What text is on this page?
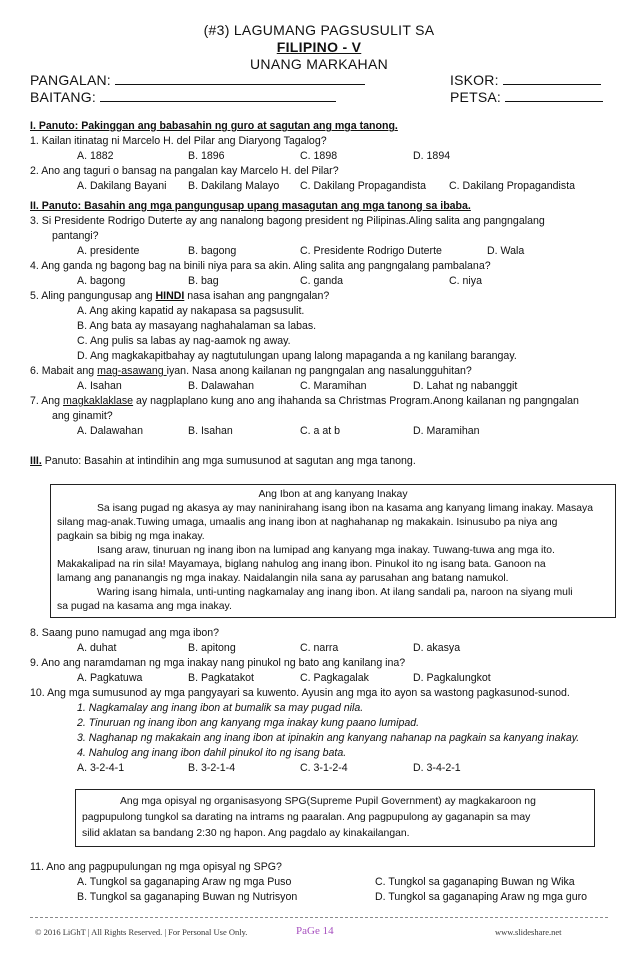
(#3) LAGUMANG PAGSUSULIT SA
FILIPINO - V
UNANG MARKAHAN
PANGALAN:	ISKOR:
BAITANG:	PETSA:
I. Panuto: Pakinggan ang babasahin ng guro at sagutan ang mga tanong.
1. Kailan itinatag ni Marcelo H. del Pilar ang Diaryong Tagalog?
A. 1882	B. 1896	C. 1898	D. 1894
2. Ano ang taguri o bansag na pangalan kay Marcelo H. del Pilar?
A. Dakilang Bayani B. Dakilang Malayo C. Dakilang Propagandista C. Dakilang Propagandista
II. Panuto: Basahin ang mga pangungusap upang masagutan ang mga tanong sa ibaba.
3. Si Presidente Rodrigo Duterte ay ang nanalong bagong president ng Pilipinas.Aling salita ang pangngalang
pantangi?
A. presidente	B. bagong	C. Presidente Rodrigo Duterte	D. Wala
4. Ang ganda ng bagong bag na binili niya para sa akin. Aling salita ang pangngalang pambalana?
A. bagong	B. bag	C. ganda	C. niya
5. Aling pangungusap ang HINDI nasa isahan ang pangngalan?
A. Ang aking kapatid ay nakapasa sa pagsusulit.
B. Ang bata ay masayang naghahalaman sa labas.
C. Ang pulis sa labas ay nag-aamok ng away.
D. Ang magkakapitbahay ay nagtutulungan upang lalong mapaganda a ng kanilang barangay.
6. Mabait ang mag-asawang iyan. Nasa anong kailanan ng pangngalan ang nasalungguhitan?
A. Isahan	B. Dalawahan	C. Maramihan	D. Lahat ng nabanggit
7. Ang magkaklaklase ay nagplaplano kung ano ang ihahanda sa Christmas Program.Anong kailanan ng pangngalan
ang ginamit?
A. Dalawahan	B. Isahan	C. a at b	D. Maramihan
III. Panuto: Basahin at intindihin ang mga sumusunod at sagutan ang mga tanong.

Ang Ibon at ang kanyang Inakay

Sa isang pugad ng akasya ay may naninirahang isang ibon na kasama ang kanyang limang inakay. Masaya

silang mag-anak.Tuwing umaga, umaalis ang inang ibon at naghahanap ng makakain. Isinusubo pa niya ang

pagkain sa bibig ng mga inakay.

Isang araw, tinuruan ng inang ibon na lumipad ang kanyang mga inakay. Tuwang-tuwa ang mga ito.

Makakalipad na rin sila! Mayamaya, biglang nahulog ang inang ibon. Pinukol ito ng isang bata. Ganoon na

lamang ang pananangis ng mga inakay. Naidalangin nila sana ay parusahan ang batang namukol.

Waring isang himala, unti-unting nagkamalay ang inang ibon. At ilang sandali pa, naroon na siyang muli

sa pugad na kasama ang mga inakay.

8. Saang puno namugad ang mga ibon?
A. duhat	B. apitong	C. narra	D. akasya
9. Ano ang naramdaman ng mga inakay nang pinukol ng bato ang kanilang ina?
A. Pagkatuwa	B. Pagkatakot	C. Pagkagalak	D. Pagkalungkot
10. Ang mga sumusunod ay mga pangyayari sa kuwento. Ayusin ang mga ito ayon sa wastong pagkasunod-sunod.
1. Nagkamalay ang inang ibon at bumalik sa may pugad nila.
2. Tinuruan ng inang ibon ang kanyang mga inakay kung paano lumipad.
3. Naghanap ng makakain ang inang ibon at ipinakin ang kanyang nahanap na pagkain sa kanyang inakay.
4. Nahulog ang inang ibon dahil pinukol ito ng isang bata.
A. 3-2-4-1	B. 3-2-1-4	C. 3-1-2-4	D. 3-4-2-1

Ang mga opisyal ng organisasyong SPG(Supreme Pupil Government) ay magkakaroon ng

pagpupulong tungkol sa darating na intrams ng paaralan. Ang pagpupulong ay gaganapin sa may

silid aklatan sa bandang 2:30 ng hapon. Ang pagdalo ay kinakailangan.

11. Ano ang pagpupulungan ng mga opisyal ng SPG?
A. Tungkol sa gaganaping Araw ng mga Puso
B. Tungkol sa gaganaping Buwan ng Nutrisyon
C. Tungkol sa gaganaping Buwan ng Wika
D. Tungkol sa gaganaping Araw ng mga guro
© 2016 LiGhT | All Rights Reserved. | For Personal Use Only.	PaGe 14	www.slideshare.net
